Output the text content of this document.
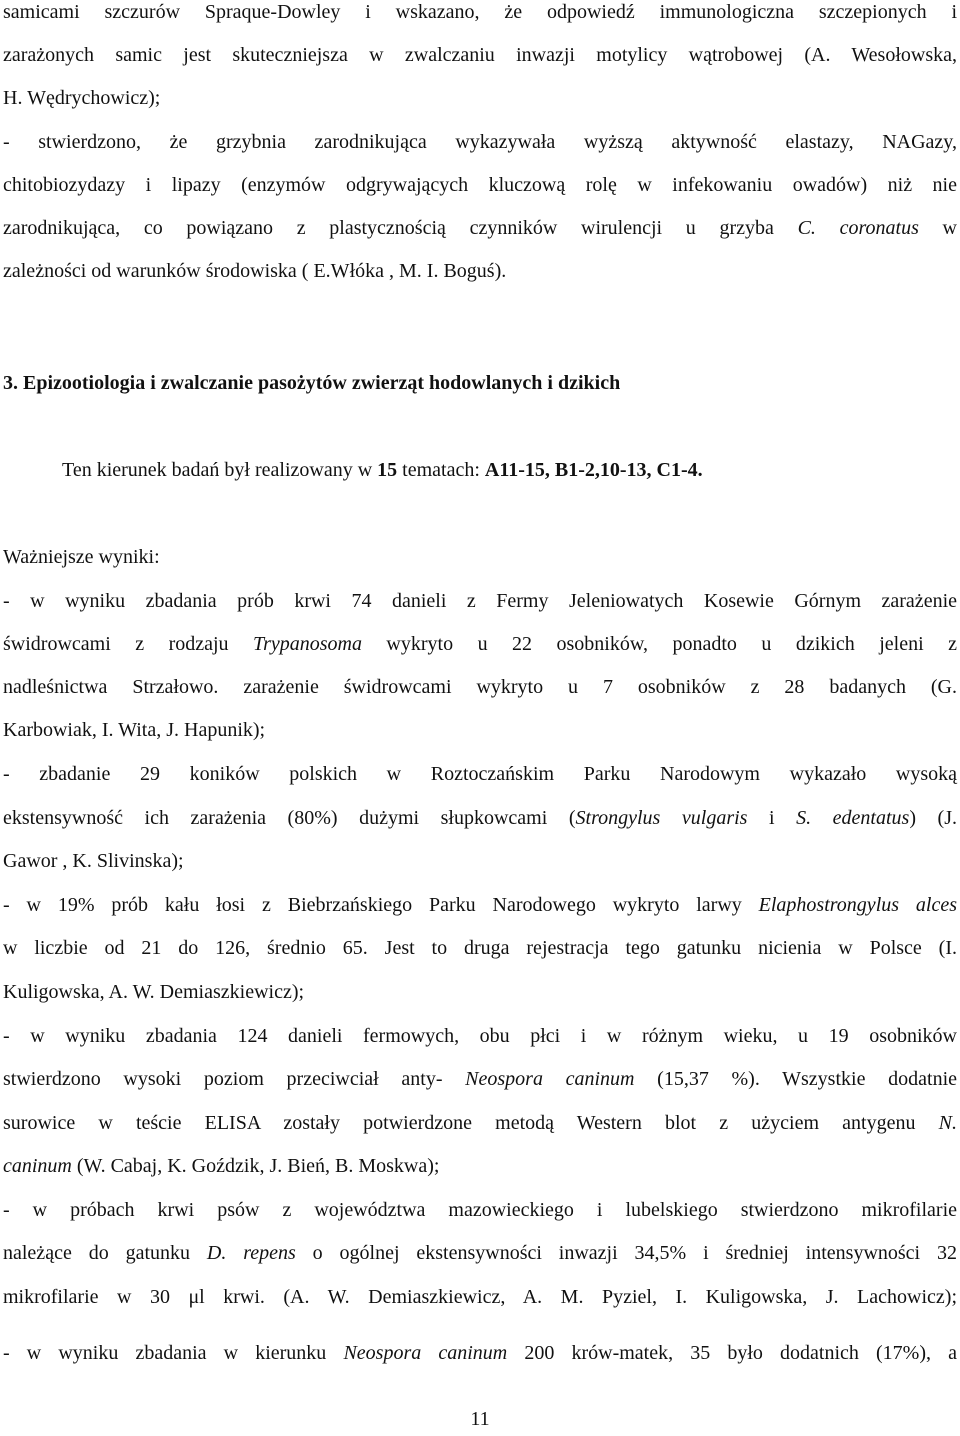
samicami szczurów Spraque-Dowley i wskazano, że odpowiedź immunologiczna szczepionych i
zarażonych samic jest skuteczniejsza w zwalczaniu inwazji motylicy wątrobowej (A. Wesołowska,
H. Wędrychowicz);
- stwierdzono, że grzybnia zarodnikująca wykazywała wyższą aktywność elastazy, NAGazy,
chitobiozydazy i lipazy (enzymów odgrywających kluczową rolę w infekowaniu owadów) niż nie
zarodnikująca, co powiązano z plastycznością czynników wirulencji u grzyba C. coronatus w
zależności od warunków środowiska ( E.Włóka , M. I. Boguś).
3. Epizootiologia i zwalczanie pasożytów zwierząt hodowlanych i dzikich
Ten kierunek badań był realizowany w 15 tematach: A11-15, B1-2,10-13, C1-4.
Ważniejsze wyniki:
- w wyniku zbadania prób krwi 74 danieli z Fermy Jeleniowatych Kosewie Górnym zarażenie
świdrowcami z rodzaju Trypanosoma wykryto u 22 osobników, ponadto u dzikich jeleni z
nadleśnictwa Strzałowo. zarażenie świdrowcami wykryto u 7 osobników z 28 badanych (G.
Karbowiak, I. Wita, J. Hapunik);
- zbadanie 29 koników polskich w Roztoczańskim Parku Narodowym wykazało wysoką
ekstensywność ich zarażenia (80%) dużymi słupkowcami (Strongylus vulgaris i S. edentatus) (J.
Gawor , K. Slivinska);
- w 19% prób kału łosi z Biebrzańskiego Parku Narodowego wykryto larwy Elaphostrongylus alces
w liczbie od 21 do 126, średnio 65. Jest to druga rejestracja tego gatunku nicienia w Polsce (I.
Kuligowska, A. W. Demiaszkiewicz);
- w wyniku zbadania 124 danieli fermowych, obu płci i w różnym wieku, u 19 osobników
stwierdzono wysoki poziom przeciwciał anty- Neospora caninum (15,37 %). Wszystkie dodatnie
surowice w teście ELISA zostały potwierdzone metodą Western blot z użyciem antygenu N.
caninum (W. Cabaj, K. Goździk, J. Bień, B. Moskwa);
- w próbach krwi psów z województwa mazowieckiego i lubelskiego stwierdzono mikrofilarie
należące do gatunku D. repens o ogólnej ekstensywności inwazji 34,5% i średniej intensywności 32
mikrofilarie w 30 μl krwi. (A. W. Demiaszkiewicz, A. M. Pyziel, I. Kuligowska, J. Lachowicz);
- w wyniku zbadania w kierunku Neospora caninum 200 krów-matek, 35 było dodatnich (17%), a
11
